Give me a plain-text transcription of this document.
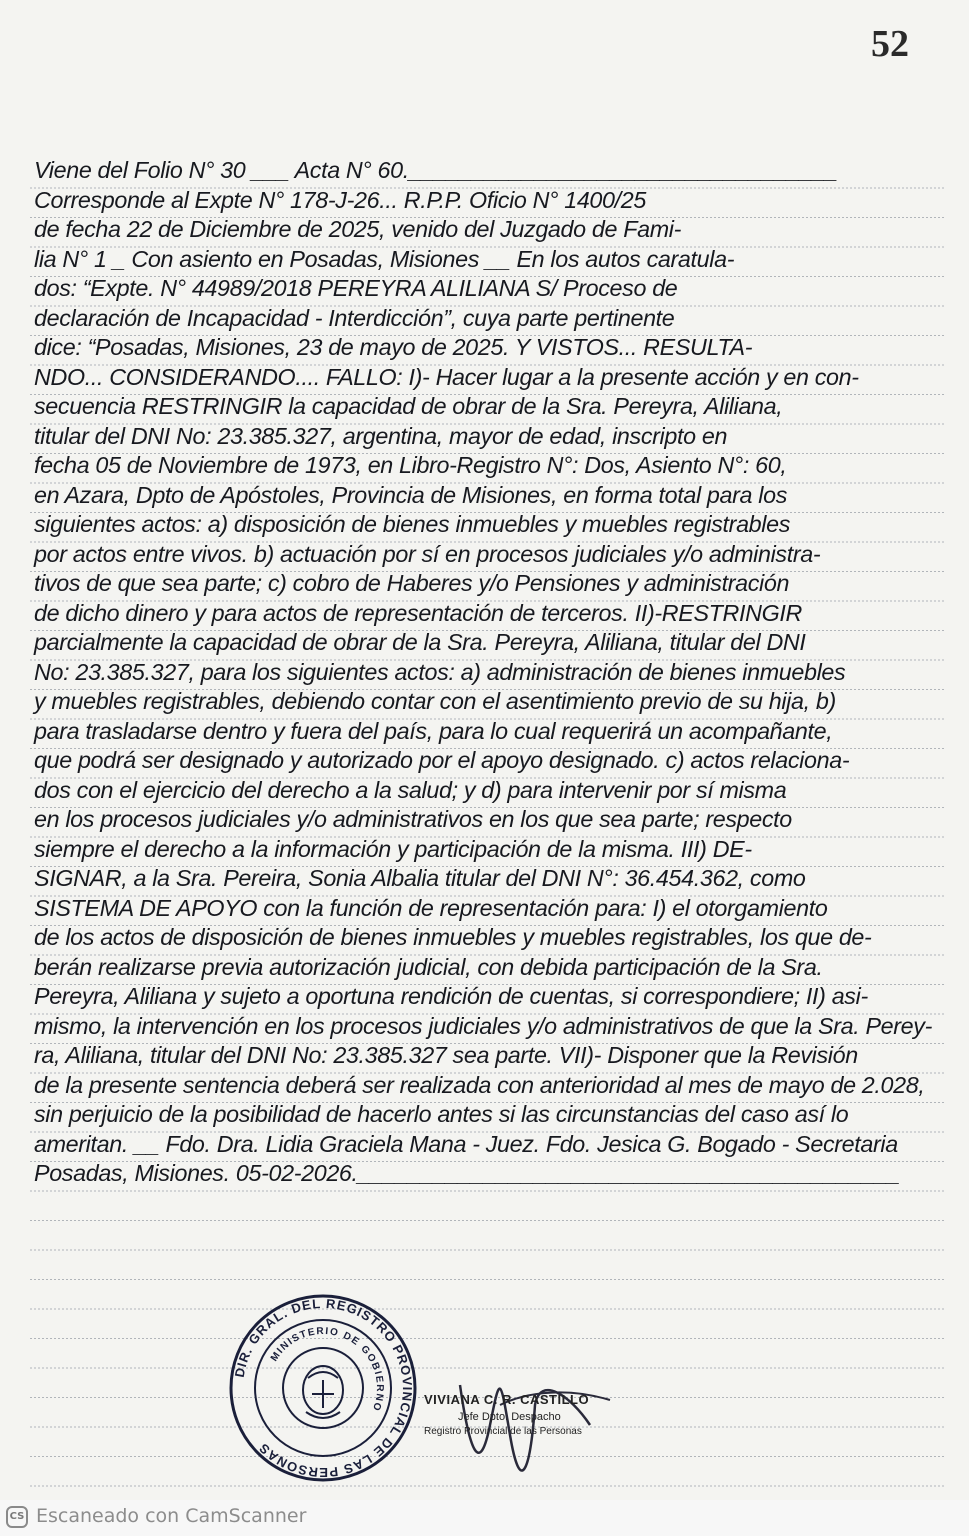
52
Viene del Folio N° 30 ___ Acta N° 60.__________________________________
Corresponde al Expte N° 178-J-26... R.P.P. Oficio N° 1400/25
de fecha 22 de Diciembre de 2025, venido del Juzgado de Fami-
lia N° 1 _ Con asiento en Posadas, Misiones __ En los autos caratula-
dos: “Expte. N° 44989/2018 PEREYRA ALILIANA S/ Proceso de
declaración de Incapacidad - Interdicción”, cuya parte pertinente
dice: “Posadas, Misiones, 23 de mayo de 2025. Y VISTOS... RESULTA-
NDO... CONSIDERANDO.... FALLO: I)- Hacer lugar a la presente acción y en con-
secuencia RESTRINGIR la capacidad de obrar de la Sra. Pereyra, Aliliana,
titular del DNI No: 23.385.327, argentina, mayor de edad, inscripto en
fecha 05 de Noviembre de 1973, en Libro-Registro N°: Dos, Asiento N°: 60,
en Azara, Dpto de Apóstoles, Provincia de Misiones, en forma total para los
siguientes actos: a) disposición de bienes inmuebles y muebles registrables
por actos entre vivos. b) actuación por sí en procesos judiciales y/o administra-
tivos de que sea parte; c) cobro de Haberes y/o Pensiones y administración
de dicho dinero y para actos de representación de terceros. II)-RESTRINGIR
parcialmente la capacidad de obrar de la Sra. Pereyra, Aliliana, titular del DNI
No: 23.385.327, para los siguientes actos: a) administración de bienes inmuebles
y muebles registrables, debiendo contar con el asentimiento previo de su hija, b)
para trasladarse dentro y fuera del país, para lo cual requerirá un acompañante,
que podrá ser designado y autorizado por el apoyo designado. c) actos relaciona-
dos con el ejercicio del derecho a la salud; y d) para intervenir por sí misma
en los procesos judiciales y/o administrativos en los que sea parte; respecto
siempre el derecho a la información y participación de la misma. III) DE-
SIGNAR, a la Sra. Pereira, Sonia Albalia titular del DNI N°: 36.454.362, como
SISTEMA DE APOYO con la función de representación para: I) el otorgamiento
de los actos de disposición de bienes inmuebles y muebles registrables, los que de-
berán realizarse previa autorización judicial, con debida participación de la Sra.
Pereyra, Aliliana y sujeto a oportuna rendición de cuentas, si correspondiere; II) asi-
mismo, la intervención en los procesos judiciales y/o administrativos de que la Sra. Perey-
ra, Aliliana, titular del DNI No: 23.385.327 sea parte. VII)- Disponer que la Revisión
de la presente sentencia deberá ser realizada con anterioridad al mes de mayo de 2.028,
sin perjuicio de la posibilidad de hacerlo antes si las circunstancias del caso así lo
ameritan. __ Fdo. Dra. Lidia Graciela Mana - Juez. Fdo. Jesica G. Bogado - Secretaria
Posadas, Misiones. 05-02-2026.___________________________________________
DIR. GRAL. DEL REGISTRO PROVINCIAL DE LAS PERSONAS
MINISTERIO DE GOBIERNO	VIVIANA C. R. CASTILLO
Jefe Dpto. Despacho
Registro Provincial de las Personas
CS Escaneado con CamScanner
